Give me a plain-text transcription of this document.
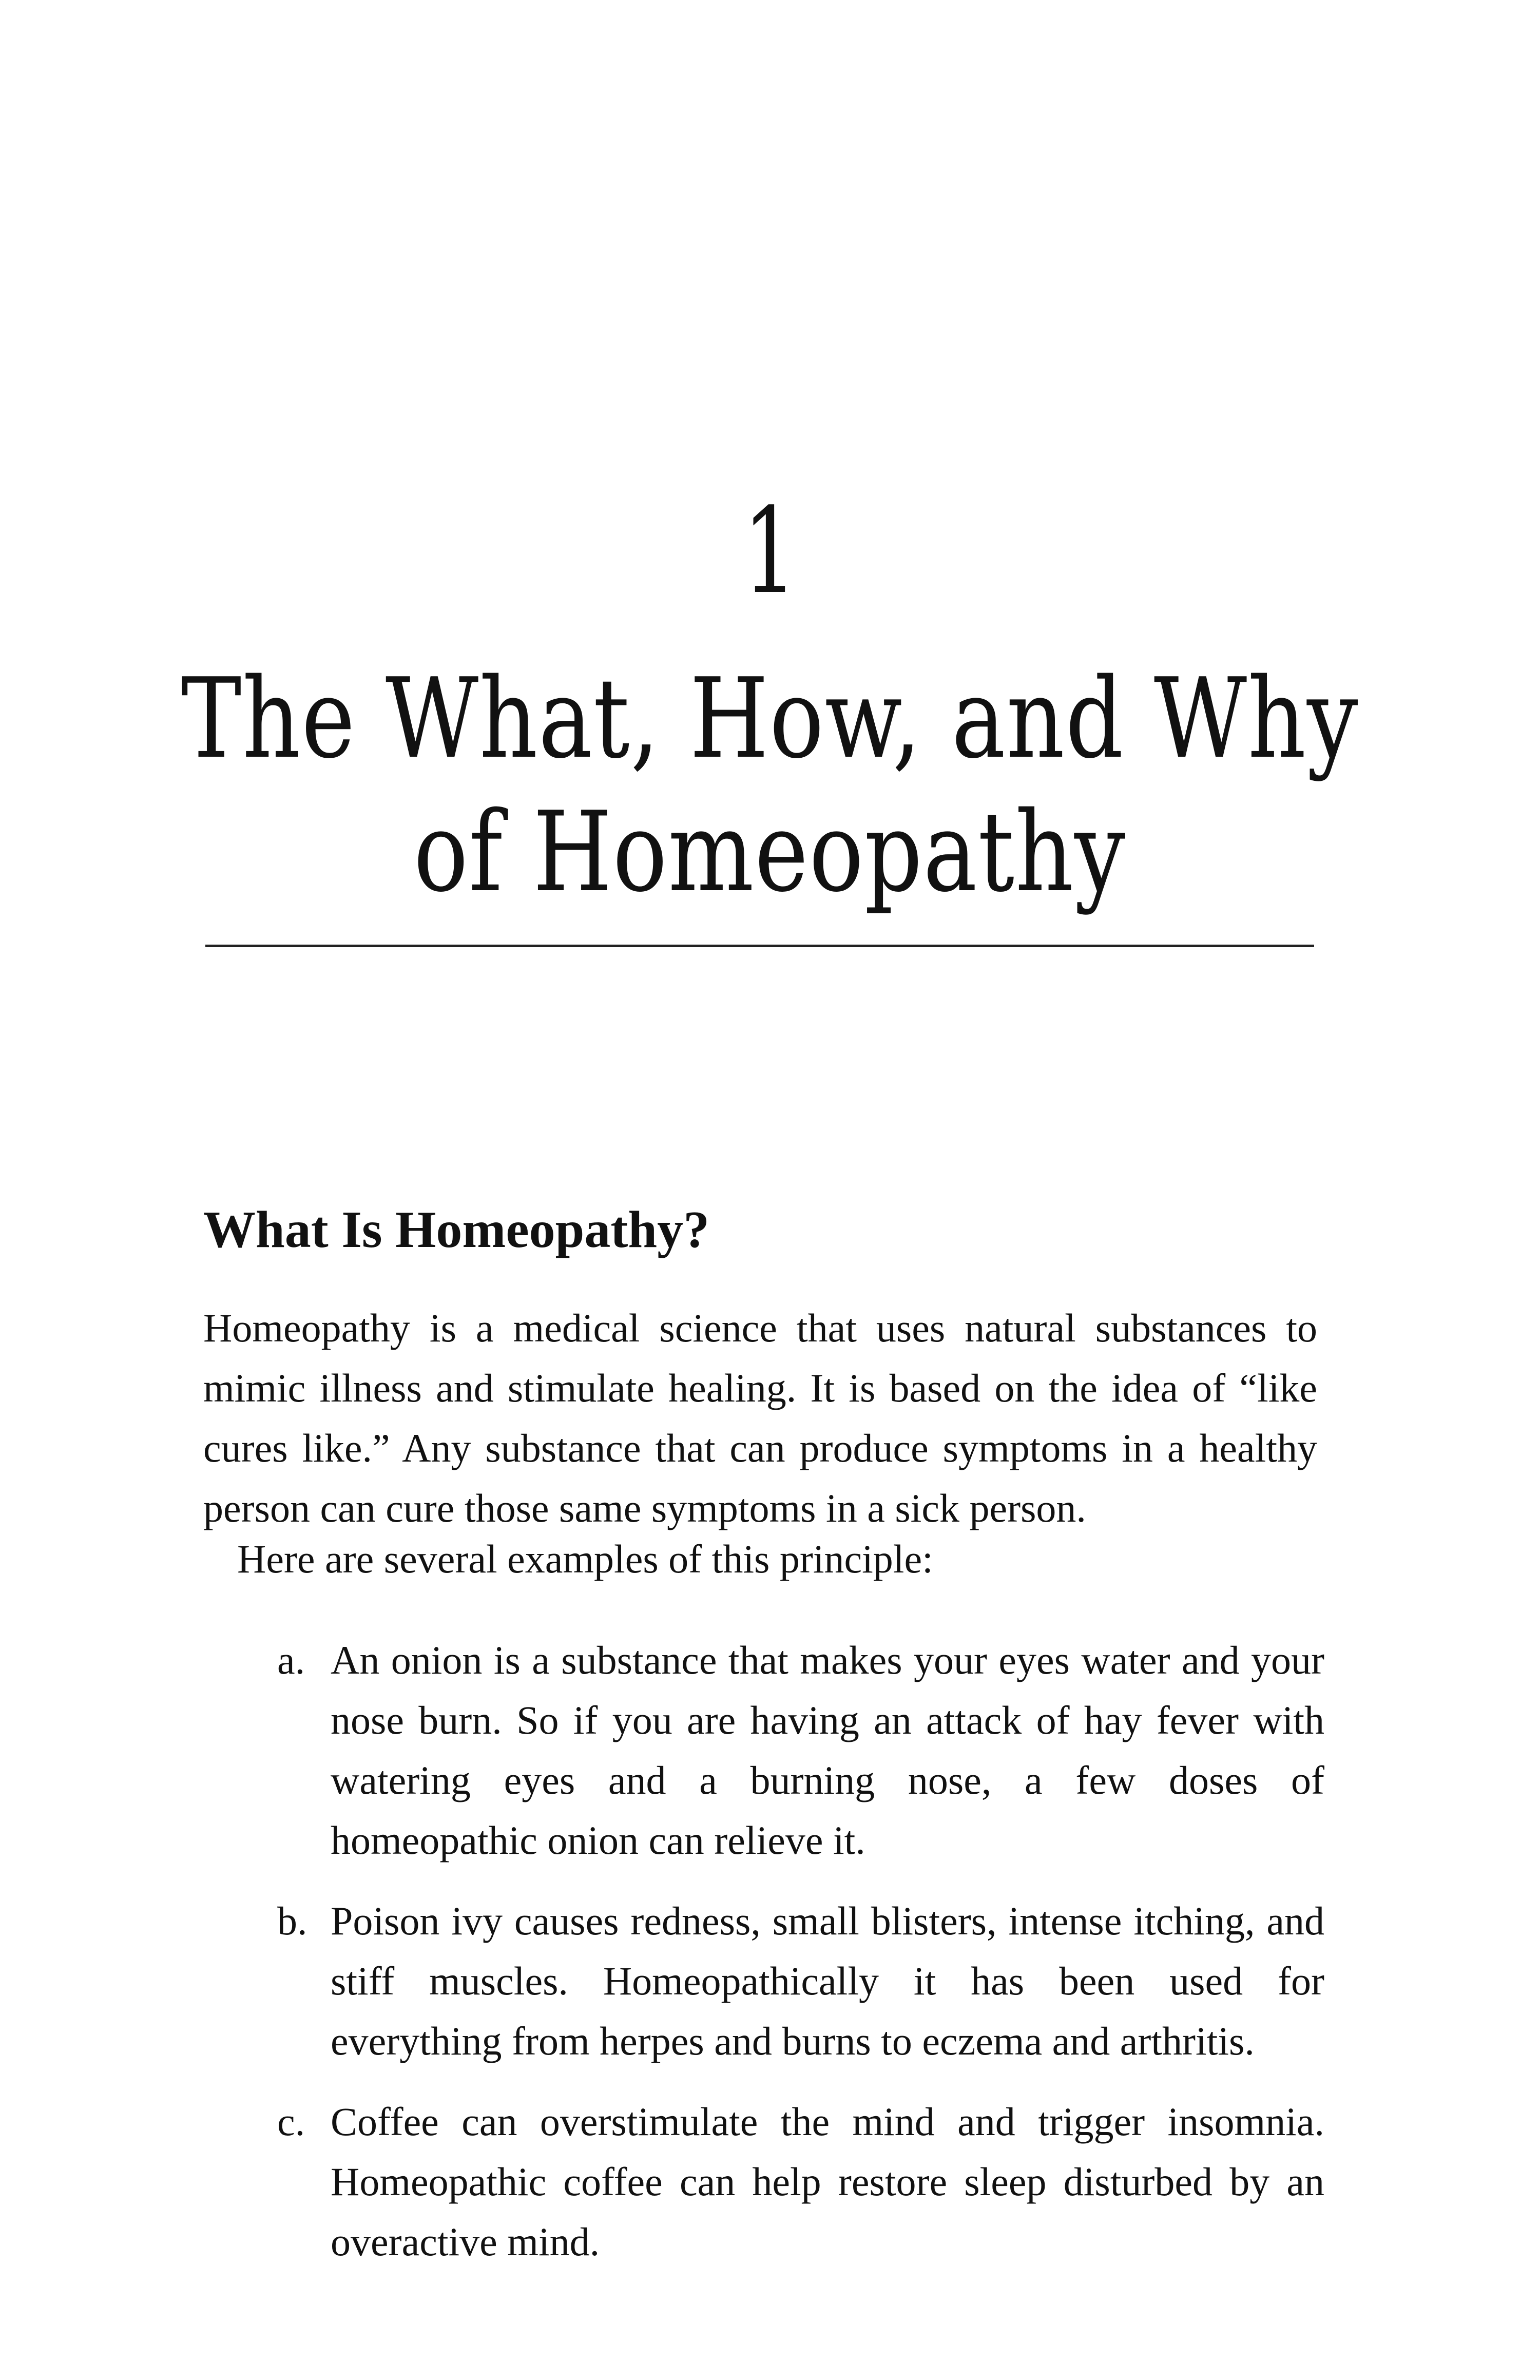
1
The What, How, and Why
of Homeopathy
What Is Homeopathy?

Homeopathy is a medical science that uses natural substances to mimic illness and stimulate healing. It is based on the idea of “like cures like.” Any substance that can produce symptoms in a healthy person can cure those same symptoms in a sick person.

Here are several examples of this principle:

a. An onion is a substance that makes your eyes water and your nose burn. So if you are having an attack of hay fever with watering eyes and a burning nose, a few doses of homeopathic onion can relieve it.
b. Poison ivy causes redness, small blisters, intense itching, and stiff muscles. Homeopathically it has been used for everything from herpes and burns to eczema and arthritis.
c. Coffee can overstimulate the mind and trigger insomnia. Homeopathic coffee can help restore sleep disturbed by an overactive mind.
